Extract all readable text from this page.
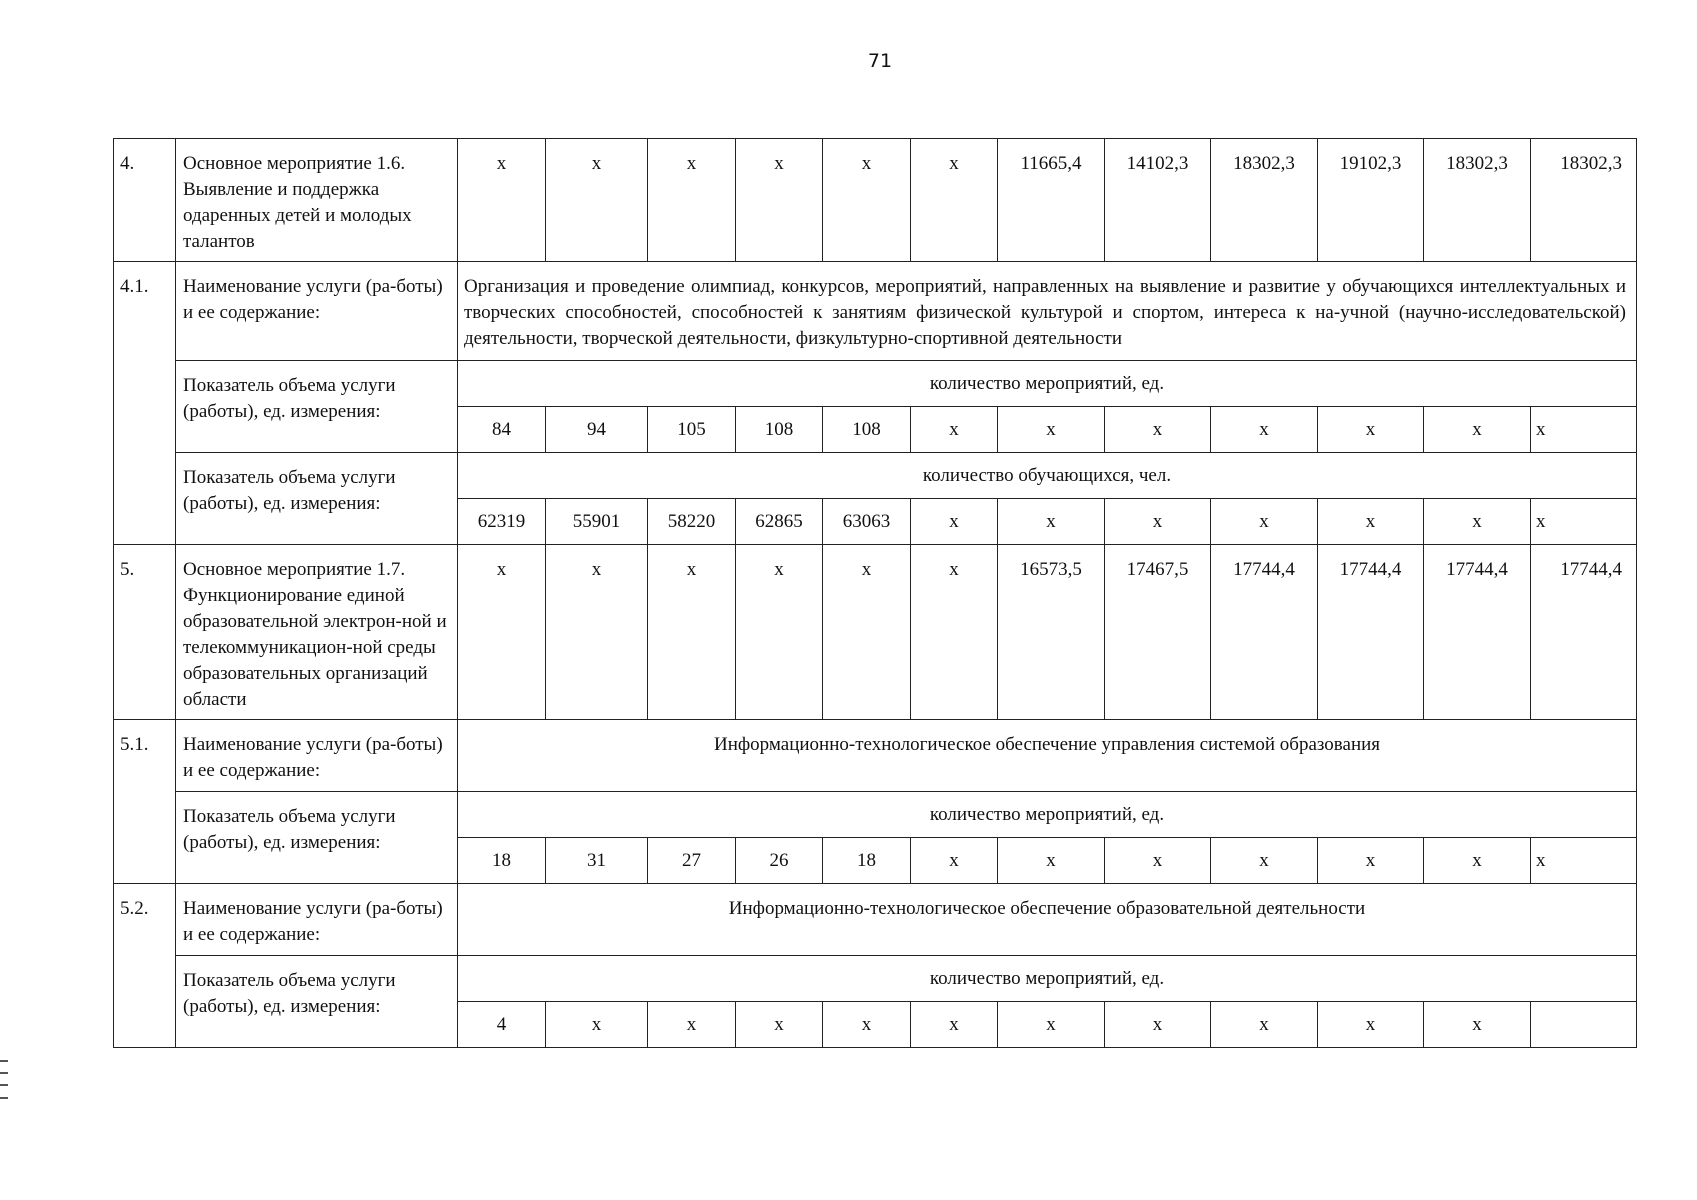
71
4.	Основное мероприятие 1.6. Выявление и поддержка одаренных детей и молодых талантов	х	х	х	х	х	х	11665,4	14102,3	18302,3	19102,3	18302,3	18302,3
4.1.	Наименование услуги (ра-боты) и ее содержание:	Организация и проведение олимпиад, конкурсов, мероприятий, направленных на выявление и развитие у обучающихся интеллектуальных и творческих способностей, способностей к занятиям физической культурой и спортом, интереса к на-учной (научно-исследовательской) деятельности, творческой деятельности, физкультурно-спортивной деятельности											
	Показатель объема услуги (работы), ед. измерения:	количество мероприятий, ед.											
		84	94	105	108	108	х	х	х	х	х	х	х
	Показатель объема услуги (работы), ед. измерения:	количество обучающихся, чел.											
		62319	55901	58220	62865	63063	х	х	х	х	х	х	х
5.	Основное мероприятие 1.7. Функционирование единой образовательной электрон-ной и телекоммуникацион-ной среды образовательных организаций области	х	х	х	х	х	х	16573,5	17467,5	17744,4	17744,4	17744,4	17744,4
5.1.	Наименование услуги (ра-боты) и ее содержание:	Информационно-технологическое обеспечение управления системой образования											
	Показатель объема услуги (работы), ед. измерения:	количество мероприятий, ед.											
		18	31	27	26	18	х	х	х	х	х	х	х
5.2.	Наименование услуги (ра-боты) и ее содержание:	Информационно-технологическое обеспечение образовательной деятельности											
	Показатель объема услуги (работы), ед. измерения:	количество мероприятий, ед.											
		4	х	х	х	х	х	х	х	х	х	х	
